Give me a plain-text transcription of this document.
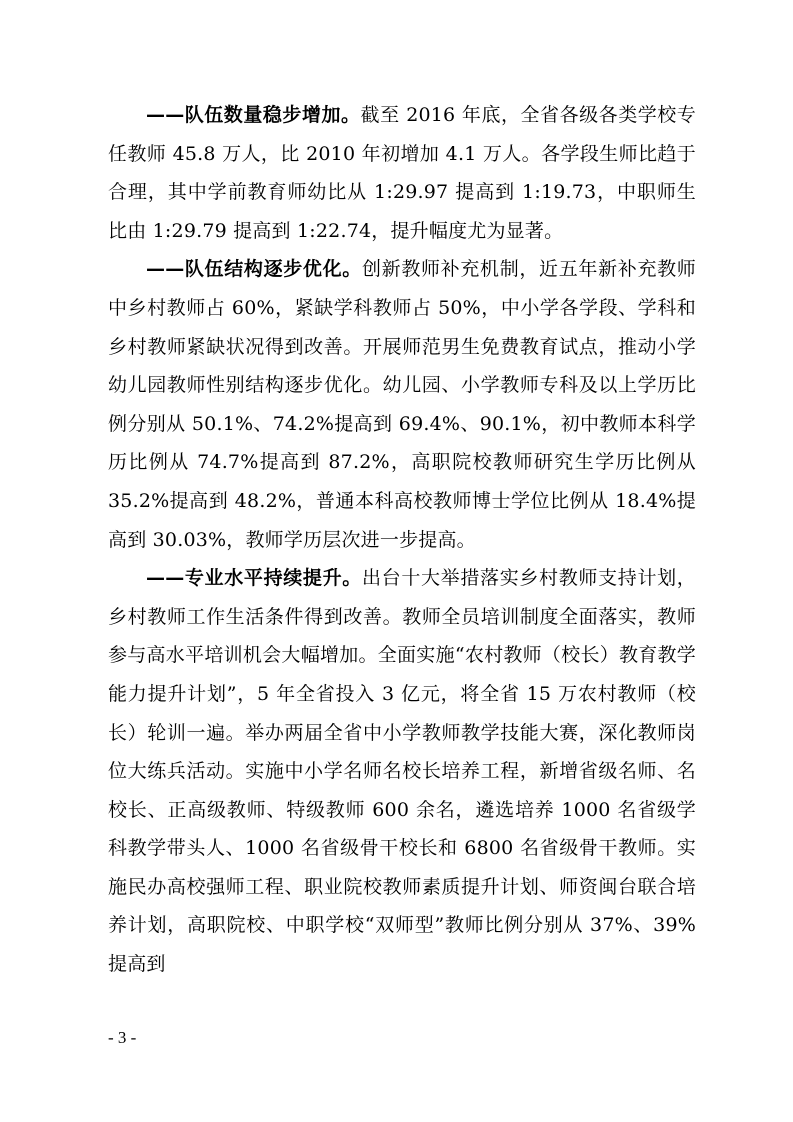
——队伍数量稳步增加。截至 2016 年底，全省各级各类学校专任教师 45.8 万人，比 2010 年初增加 4.1 万人。各学段生师比趋于合理，其中学前教育师幼比从 1:29.97 提高到 1:19.73，中职师生比由 1:29.79 提高到 1:22.74，提升幅度尤为显著。

——队伍结构逐步优化。创新教师补充机制，近五年新补充教师中乡村教师占 60%，紧缺学科教师占 50%，中小学各学段、学科和乡村教师紧缺状况得到改善。开展师范男生免费教育试点，推动小学幼儿园教师性别结构逐步优化。幼儿园、小学教师专科及以上学历比例分别从 50.1%、74.2%提高到 69.4%、90.1%，初中教师本科学历比例从 74.7%提高到 87.2%，高职院校教师研究生学历比例从 35.2%提高到 48.2%，普通本科高校教师博士学位比例从 18.4%提高到 30.03%，教师学历层次进一步提高。

——专业水平持续提升。出台十大举措落实乡村教师支持计划，乡村教师工作生活条件得到改善。教师全员培训制度全面落实，教师参与高水平培训机会大幅增加。全面实施“农村教师（校长）教育教学能力提升计划”，5 年全省投入 3 亿元，将全省 15 万农村教师（校长）轮训一遍。举办两届全省中小学教师教学技能大赛，深化教师岗位大练兵活动。实施中小学名师名校长培养工程，新增省级名师、名校长、正高级教师、特级教师 600 余名，遴选培养 1000 名省级学科教学带头人、1000 名省级骨干校长和 6800 名省级骨干教师。实施民办高校强师工程、职业院校教师素质提升计划、师资闽台联合培养计划，高职院校、中职学校“双师型”教师比例分别从 37%、39%提高到

- 3 -
